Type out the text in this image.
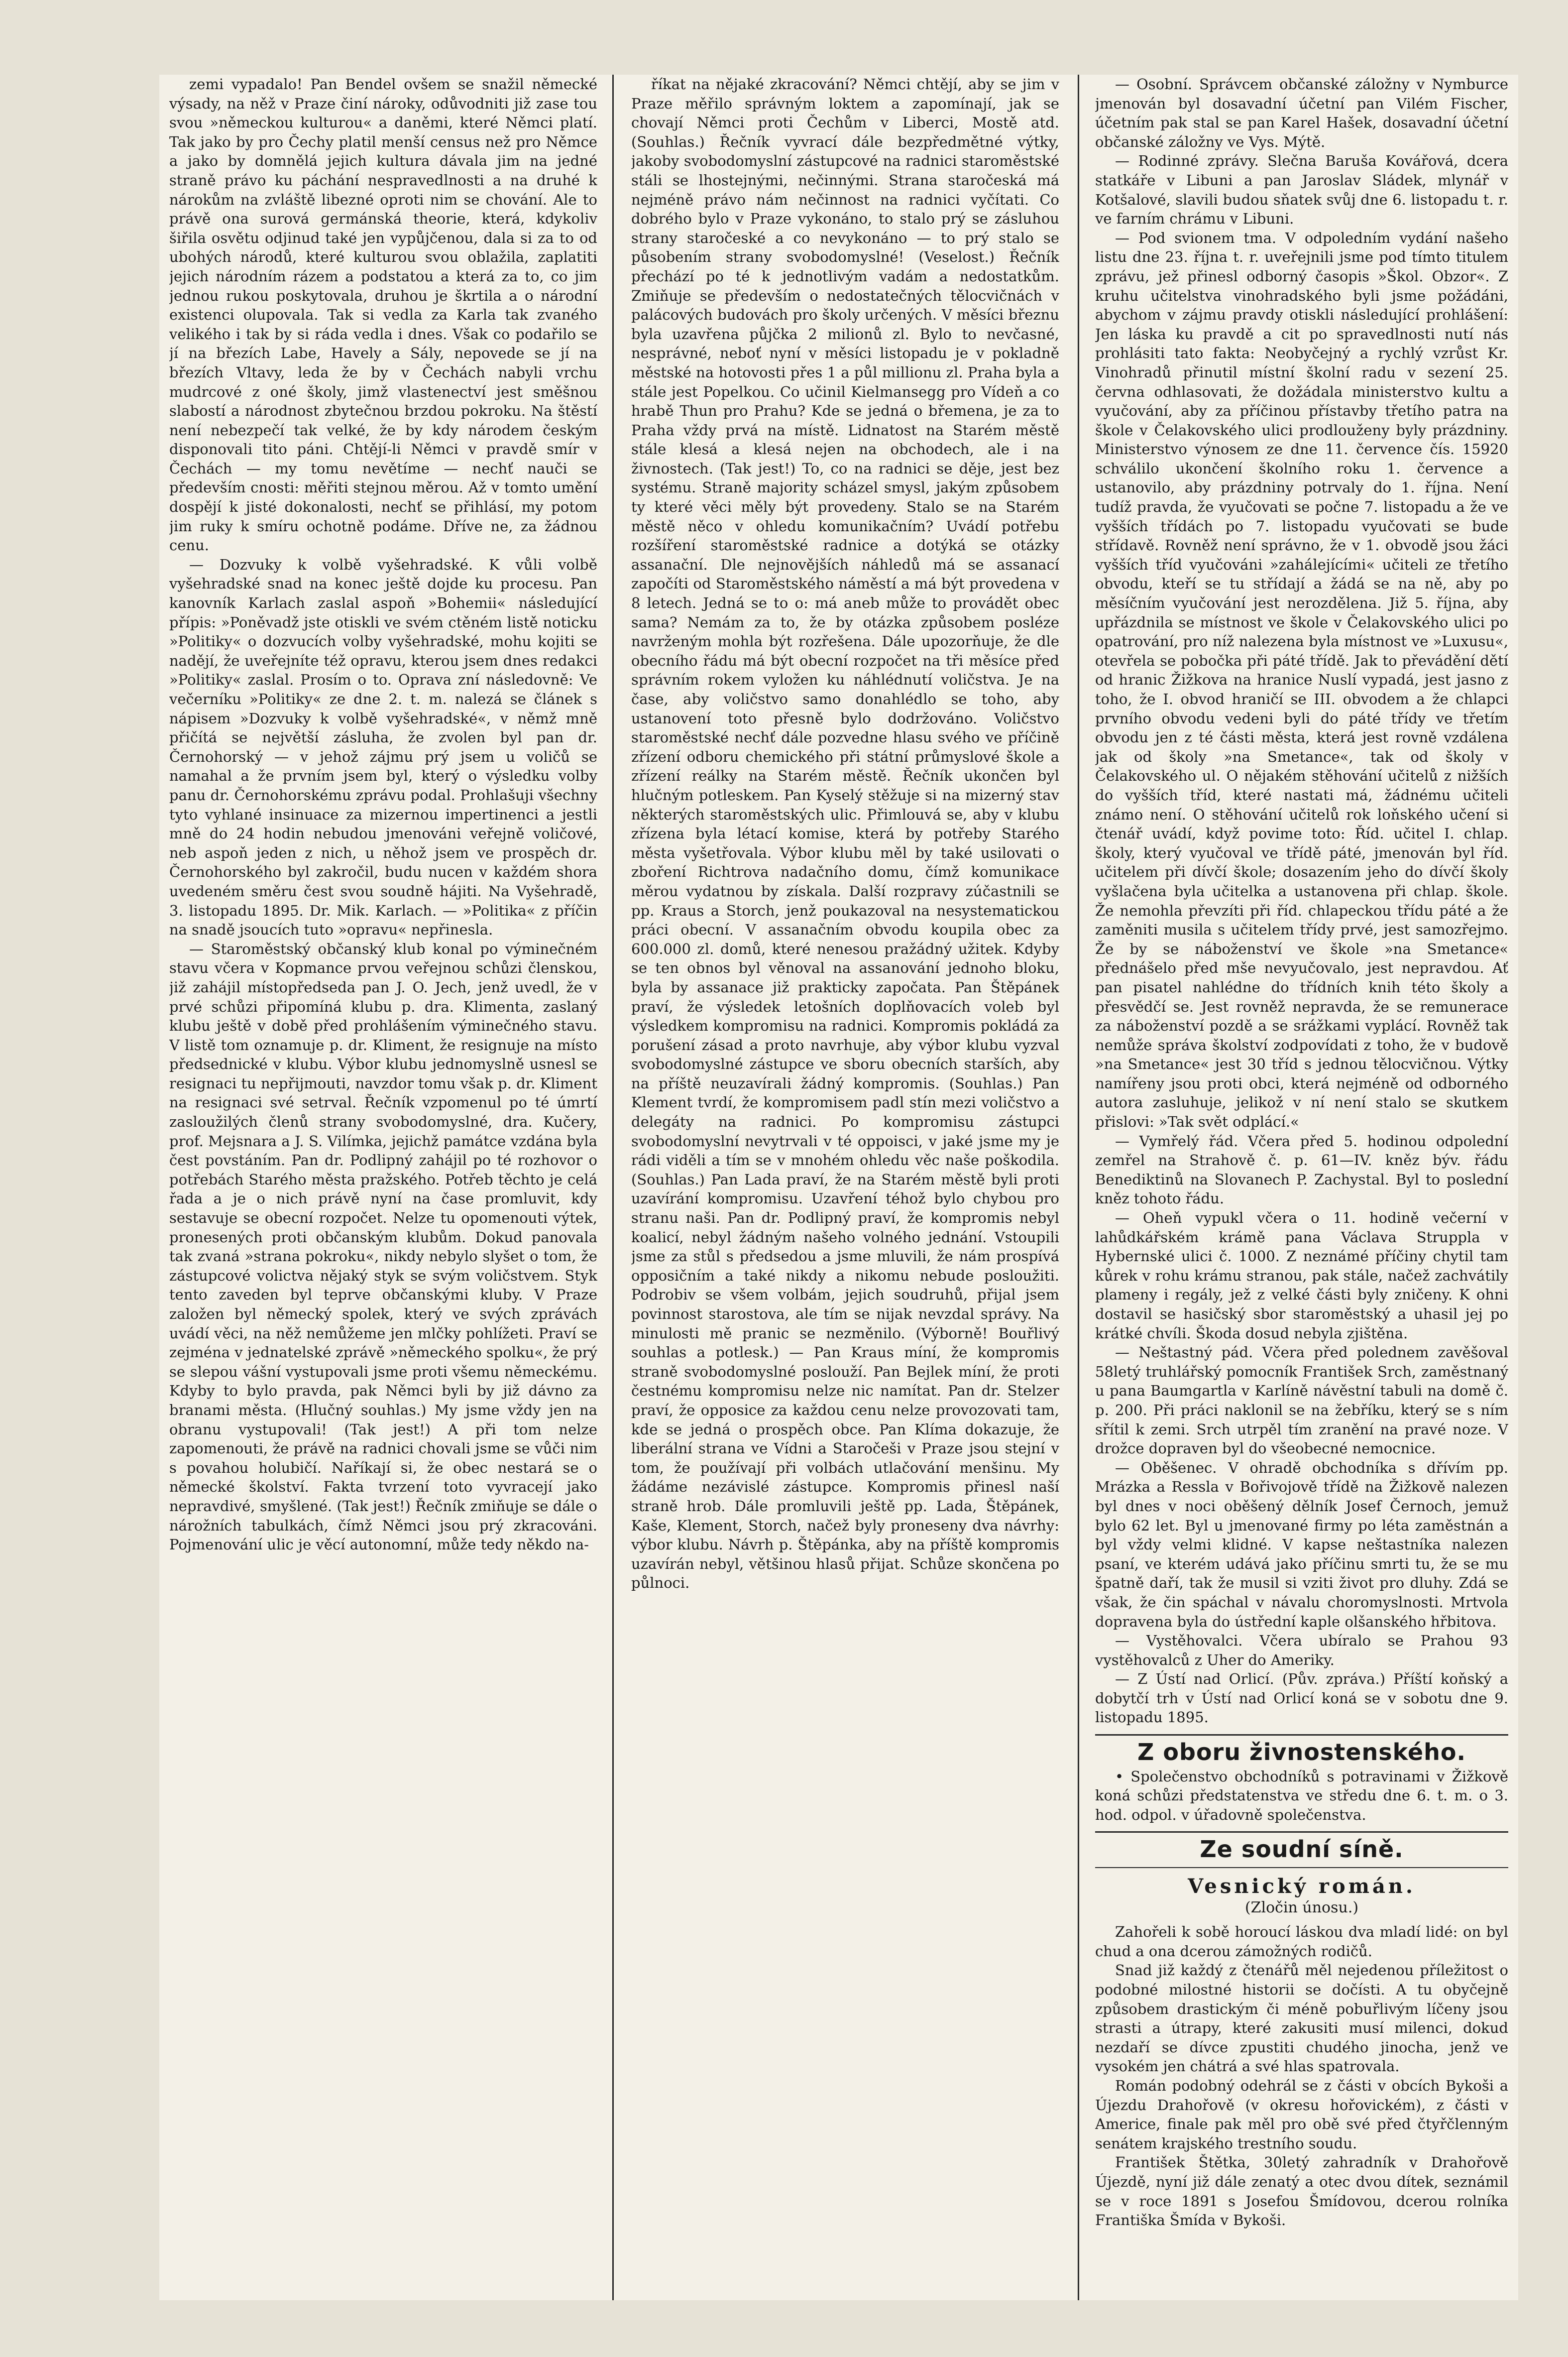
zemi vypadalo! Pan Bendel ovšem se snažil německé výsady, na něž v Praze činí nároky, odůvodniti již zase tou svou »německou kulturou« a daněmi, které Němci platí. Tak jako by pro Čechy platil menší census než pro Němce a jako by domnělá jejich kultura dávala jim na jedné straně právo ku páchání nespravedlnosti a na druhé k nárokům na zvláště libezné oproti nim se chování. Ale to právě ona surová germánská theorie, která, kdykoliv šiřila osvětu odjinud také jen vypůjčenou, dala si za to od ubohých národů, které kulturou svou oblažila, zaplatiti jejich národním rázem a podstatou a která za to, co jim jednou rukou poskytovala, druhou je škrtila a o národní existenci olupovala. Tak si vedla za Karla tak zvaného velikého i tak by si ráda vedla i dnes. Však co podařilo se jí na březích Labe, Havely a Sály, nepovede se jí na březích Vltavy, leda že by v Čechách nabyli vrchu mudrcové z oné školy, jimž vlastenectví jest směšnou slabostí a národnost zbytečnou brzdou pokroku. Na štěstí není nebezpečí tak velké, že by kdy národem českým disponovali tito páni. Chtějí-li Němci v pravdě smír v Čechách — my tomu nevětíme — nechť nauči se především cnosti: měřiti stejnou měrou. Až v tomto umění dospějí k jisté dokonalosti, nechť se přihlásí, my potom jim ruky k smíru ochotně podáme. Dříve ne, za žádnou cenu.

— Dozvuky k volbě vyšehradské. K vůli volbě vyšehradské snad na konec ještě dojde ku procesu. Pan kanovník Karlach zaslal aspoň »Bohemii« následující přípis: »Poněvadž jste otiskli ve svém ctěném listě noticku »Politiky« o dozvucích volby vyšehradské, mohu kojiti se nadějí, že uveřejníte též opravu, kterou jsem dnes redakci »Politiky« zaslal. Prosím o to. Oprava zní následovně: Ve večerníku »Politiky« ze dne 2. t. m. nalezá se článek s nápisem »Dozvuky k volbě vyšehradské«, v němž mně přičítá se největší zásluha, že zvolen byl pan dr. Černohorský — v jehož zájmu prý jsem u voličů se namahal a že prvním jsem byl, který o výsledku volby panu dr. Černohorskému zprávu podal. Prohlašuji všechny tyto vyhlané insinuace za mizernou impertinenci a jestli mně do 24 hodin nebudou jmenováni veřejně voličové, neb aspoň jeden z nich, u něhož jsem ve prospěch dr. Černohorského byl zakročil, budu nucen v každém shora uvedeném směru čest svou soudně hájiti. Na Vyšehradě, 3. listopadu 1895. Dr. Mik. Karlach. — »Politika« z příčin na snadě jsoucích tuto »opravu« nepřinesla.

— Staroměstský občanský klub konal po výminečném stavu včera v Kopmance prvou veřejnou schůzi členskou, již zahájil místopředseda pan J. O. Jech, jenž uvedl, že v prvé schůzi připomíná klubu p. dra. Klimenta, zaslaný klubu ještě v době před prohlášením výminečného stavu. V listě tom oznamuje p. dr. Kliment, že resignuje na místo předsednické v klubu. Výbor klubu jednomyslně usnesl se resignaci tu nepřijmouti, navzdor tomu však p. dr. Kliment na resignaci své setrval. Řečník vzpomenul po té úmrtí zasloužilých členů strany svobodomyslné, dra. Kučery, prof. Mejsnara a J. S. Vilímka, jejichž památce vzdána byla čest povstáním. Pan dr. Podlipný zahájil po té rozhovor o potřebách Starého města pražského. Potřeb těchto je celá řada a je o nich právě nyní na čase promluvit, kdy sestavuje se obecní rozpočet. Nelze tu opomenouti výtek, pronesených proti občanským klubům. Dokud panovala tak zvaná »strana pokroku«, nikdy nebylo slyšet o tom, že zástupcové volictva nějaký styk se svým voličstvem. Styk tento zaveden byl teprve občanskými kluby. V Praze založen byl německý spolek, který ve svých zprávách uvádí věci, na něž nemůžeme jen mlčky pohlížeti. Praví se zejména v jednatelské zprávě »německého spolku«, že prý se slepou vášní vystupovali jsme proti všemu německému. Kdyby to bylo pravda, pak Němci byli by již dávno za branami města. (Hlučný souhlas.) My jsme vždy jen na obranu vystupovali! (Tak jest!) A při tom nelze zapomenouti, že právě na radnici chovali jsme se vůči nim s povahou holubičí. Naříkají si, že obec nestará se o německé školství. Fakta tvrzení toto vyvracejí jako nepravdivé, smyšlené. (Tak jest!) Řečník zmiňuje se dále o nárožních tabulkách, čímž Němci jsou prý zkracováni. Pojmenování ulic je věcí autonomní, může tedy někdo na-

říkat na nějaké zkracování? Němci chtějí, aby se jim v Praze měřilo správným loktem a zapomínají, jak se chovají Němci proti Čechům v Liberci, Mostě atd. (Souhlas.) Řečník vyvrací dále bezpředmětné výtky, jakoby svobodomyslní zástupcové na radnici staroměstské stáli se lhostejnými, nečinnými. Strana staročeská má nejméně právo nám nečinnost na radnici vyčítati. Co dobrého bylo v Praze vykonáno, to stalo prý se zásluhou strany staročeské a co nevykonáno — to prý stalo se působením strany svobodomyslné! (Veselost.) Řečník přechází po té k jednotlivým vadám a nedostatkům. Zmiňuje se především o nedostatečných tělocvičnách v palácových budovách pro školy určených. V měsíci březnu byla uzavřena půjčka 2 milionů zl. Bylo to nevčasné, nesprávné, neboť nyní v měsíci listopadu je v pokladně městské na hotovosti přes 1 a půl millionu zl. Praha byla a stále jest Popelkou. Co učinil Kielmansegg pro Vídeň a co hrabě Thun pro Prahu? Kde se jedná o břemena, je za to Praha vždy prvá na místě. Lidnatost na Starém městě stále klesá a klesá nejen na obchodech, ale i na živnostech. (Tak jest!) To, co na radnici se děje, jest bez systému. Straně majority scházel smysl, jakým způsobem ty které věci měly být provedeny. Stalo se na Starém městě něco v ohledu komunikačním? Uvádí potřebu rozšíření staroměstské radnice a dotýká se otázky assanační. Dle nejnovějších náhledů má se assanací započíti od Staroměstského náměstí a má být provedena v 8 letech. Jedná se to o: má aneb může to provádět obec sama? Nemám za to, že by otázka způsobem posléze navrženým mohla být rozřešena. Dále upozorňuje, že dle obecního řádu má být obecní rozpočet na tři měsíce před správním rokem vyložen ku náhlédnutí voličstva. Je na čase, aby voličstvo samo donahlédlo se toho, aby ustanovení toto přesně bylo dodržováno. Voličstvo staroměstské nechť dále pozvedne hlasu svého ve příčině zřízení odboru chemického při státní průmyslové škole a zřízení reálky na Starém městě. Řečník ukončen byl hlučným potleskem. Pan Kyselý stěžuje si na mizerný stav některých staroměstských ulic. Přimlouvá se, aby v klubu zřízena byla létací komise, která by potřeby Starého města vyšetřovala. Výbor klubu měl by také usilovati o zboření Richtrova nadačního domu, čímž komunikace měrou vydatnou by získala. Další rozpravy zúčastnili se pp. Kraus a Storch, jenž poukazoval na nesystematickou práci obecní. V assanačním obvodu koupila obec za 600.000 zl. domů, které nenesou pražádný užitek. Kdyby se ten obnos byl věnoval na assanování jednoho bloku, byla by assanace již prakticky započata. Pan Štěpánek praví, že výsledek letošních doplňovacích voleb byl výsledkem kompromisu na radnici. Kompromis pokládá za porušení zásad a proto navrhuje, aby výbor klubu vyzval svobodomyslné zástupce ve sboru obecních starších, aby na příště neuzavírali žádný kompromis. (Souhlas.) Pan Klement tvrdí, že kompromisem padl stín mezi voličstvo a delegáty na radnici. Po kompromisu zástupci svobodomyslní nevytrvali v té oppoisci, v jaké jsme my je rádi viděli a tím se v mnohém ohledu věc naše poškodila. (Souhlas.) Pan Lada praví, že na Starém městě byli proti uzavírání kompromisu. Uzavření téhož bylo chybou pro stranu naši. Pan dr. Podlipný praví, že kompromis nebyl koalicí, nebyl žádným našeho volného jednání. Vstoupili jsme za stůl s předsedou a jsme mluvili, že nám prospívá opposičním a také nikdy a nikomu nebude posloužiti. Podrobiv se všem volbám, jejich soudruhů, přijal jsem povinnost starostova, ale tím se nijak nevzdal správy. Na minulosti mě pranic se nezměnilo. (Výborně! Bouřlivý souhlas a potlesk.) — Pan Kraus míní, že kompromis straně svobodomyslné poslouží. Pan Bejlek míní, že proti čestnému kompromisu nelze nic namítat. Pan dr. Stelzer praví, že opposice za každou cenu nelze provozovati tam, kde se jedná o prospěch obce. Pan Klíma dokazuje, že liberální strana ve Vídni a Staročeši v Praze jsou stejní v tom, že používají při volbách utlačování menšinu. My žádáme nezávislé zástupce. Kompromis přinesl naší straně hrob. Dále promluvili ještě pp. Lada, Štěpánek, Kaše, Klement, Storch, načež byly proneseny dva návrhy: výbor klubu. Návrh p. Štěpánka, aby na příště kompromis uzavírán nebyl, většinou hlasů přijat. Schůze skončena po půlnoci.

— Osobní. Správcem občanské záložny v Nymburce jmenován byl dosavadní účetní pan Vilém Fischer, účetním pak stal se pan Karel Hašek, dosavadní účetní občanské záložny ve Vys. Mýtě.

— Rodinné zprávy. Slečna Baruša Kovářová, dcera statkáře v Libuni a pan Jaroslav Sládek, mlynář v Kotšalové, slavili budou sňatek svůj dne 6. listopadu t. r. ve farním chrámu v Libuni.

— Pod svionem tma. V odpoledním vydání našeho listu dne 23. října t. r. uveřejnili jsme pod tímto titulem zprávu, jež přinesl odborný časopis »Škol. Obzor«. Z kruhu učitelstva vinohradského byli jsme požádáni, abychom v zájmu pravdy otiskli následující prohlášení: Jen láska ku pravdě a cit po spravedlnosti nutí nás prohlásiti tato fakta: Neobyčejný a rychlý vzrůst Kr. Vinohradů přinutil místní školní radu v sezení 25. června odhlasovati, že dožádala ministerstvo kultu a vyučování, aby za příčinou přístavby třetího patra na škole v Čelakovského ulici prodlouženy byly prázdniny. Ministerstvo výnosem ze dne 11. července čís. 15920 schválilo ukončení školního roku 1. července a ustanovilo, aby prázdniny potrvaly do 1. října. Není tudíž pravda, že vyučovati se počne 7. listopadu a že ve vyšších třídách po 7. listopadu vyučovati se bude střídavě. Rovněž není správno, že v 1. obvodě jsou žáci vyšších tříd vyučováni »zahálejícími« učiteli ze třetího obvodu, kteří se tu střídají a žádá se na ně, aby po měsíčním vyučování jest nerozdělena. Již 5. října, aby upřázdnila se místnost ve škole v Čelakovského ulici po opatrování, pro níž nalezena byla místnost ve »Luxusu«, otevřela se pobočka při páté třídě. Jak to převádění dětí od hranic Žižkova na hranice Nuslí vypadá, jest jasno z toho, že I. obvod hraničí se III. obvodem a že chlapci prvního obvodu vedeni byli do páté třídy ve třetím obvodu jen z té části města, která jest rovně vzdálena jak od školy »na Smetance«, tak od školy v Čelakovského ul. O nějakém stěhování učitelů z nižších do vyšších tříd, které nastati má, žádnému učiteli známo není. O stěhování učitelů rok loňského učení si čtenář uvádí, když povime toto: Říd. učitel I. chlap. školy, který vyučoval ve třídě páté, jmenován byl říd. učitelem při dívčí škole; dosazením jeho do dívčí školy vyšlačena byla učitelka a ustanovena při chlap. škole. Že nemohla převzíti při říd. chlapeckou třídu páté a že zaměniti musila s učitelem třídy prvé, jest samozřejmo. Že by se náboženství ve škole »na Smetance« přednášelo před mše nevyučovalo, jest nepravdou. Ať pan pisatel nahlédne do třídních knih této školy a přesvědčí se. Jest rovněž nepravda, že se remunerace za náboženství pozdě a se srážkami vyplácí. Rovněž tak nemůže správa školství zodpovídati z toho, že v budově »na Smetance« jest 30 tříd s jednou tělocvičnou. Výtky namířeny jsou proti obci, která nejméně od odborného autora zasluhuje, jelikož v ní není stalo se skutkem přislovi: »Tak svět odplácí.«

— Vymřelý řád. Včera před 5. hodinou odpolední zemřel na Strahově č. p. 61—IV. kněz býv. řádu Benediktinů na Slovanech P. Zachystal. Byl to poslední kněz tohoto řádu.

— Oheň vypukl včera o 11. hodině večerní v lahůdkářském krámě pana Václava Struppla v Hybernské ulici č. 1000. Z neznámé příčiny chytil tam kůrek v rohu krámu stranou, pak stále, načež zachvátily plameny i regály, jež z velké části byly zničeny. K ohni dostavil se hasičský sbor staroměstský a uhasil jej po krátké chvíli. Škoda dosud nebyla zjištěna.

— Neštastný pád. Včera před polednem zavěšoval 58letý truhlářský pomocník František Srch, zaměstnaný u pana Baumgartla v Karlíně návěstní tabuli na domě č. p. 200. Při práci naklonil se na žebříku, který se s ním sřítil k zemi. Srch utrpěl tím zranění na pravé noze. V drožce dopraven byl do všeobecné nemocnice.

— Oběšenec. V ohradě obchodníka s dřívím pp. Mrázka a Ressla v Bořivojově třídě na Žižkově nalezen byl dnes v noci oběšený dělník Josef Černoch, jemuž bylo 62 let. Byl u jmenované firmy po léta zaměstnán a byl vždy velmi klidné. V kapse neštastníka nalezen psaní, ve kterém udává jako příčinu smrti tu, že se mu špatně daří, tak že musil si vziti život pro dluhy. Zdá se však, že čin spáchal v návalu choromyslnosti. Mrtvola dopravena byla do ústřední kaple olšanského hřbitova.

— Vystěhovalci. Včera ubíralo se Prahou 93 vystěhovalců z Uher do Ameriky.

— Z Ústí nad Orlicí. (Pův. zpráva.) Příští koňský a dobytčí trh v Ústí nad Orlicí koná se v sobotu dne 9. listopadu 1895.

Z oboru živnostenského.

• Společenstvo obchodníků s potravinami v Žižkově koná schůzi předstatenstva ve středu dne 6. t. m. o 3. hod. odpol. v úřadovně společenstva.

Ze soudní síně.
Vesnický román.
(Zločin únosu.)

Zahořeli k sobě horoucí láskou dva mladí lidé: on byl chud a ona dcerou zámožných rodičů.

Snad již každý z čtenářů měl nejedenou příležitost o podobné milostné historii se dočísti. A tu obyčejně způsobem drastickým či méně pobuřlivým líčeny jsou strasti a útrapy, které zakusiti musí milenci, dokud nezdaří se dívce zpustiti chudého jinocha, jenž ve vysokém jen chátrá a své hlas spatrovala.

Román podobný odehrál se z části v obcích Bykoši a Újezdu Drahořově (v okresu hořovickém), z části v Americe, finale pak měl pro obě své před čtyřčlenným senátem krajského trestního soudu.

František Štětka, 30letý zahradník v Drahořově Újezdě, nyní již dále zenatý a otec dvou dítek, seznámil se v roce 1891 s Josefou Šmídovou, dcerou rolníka Františka Šmída v Bykoši.
